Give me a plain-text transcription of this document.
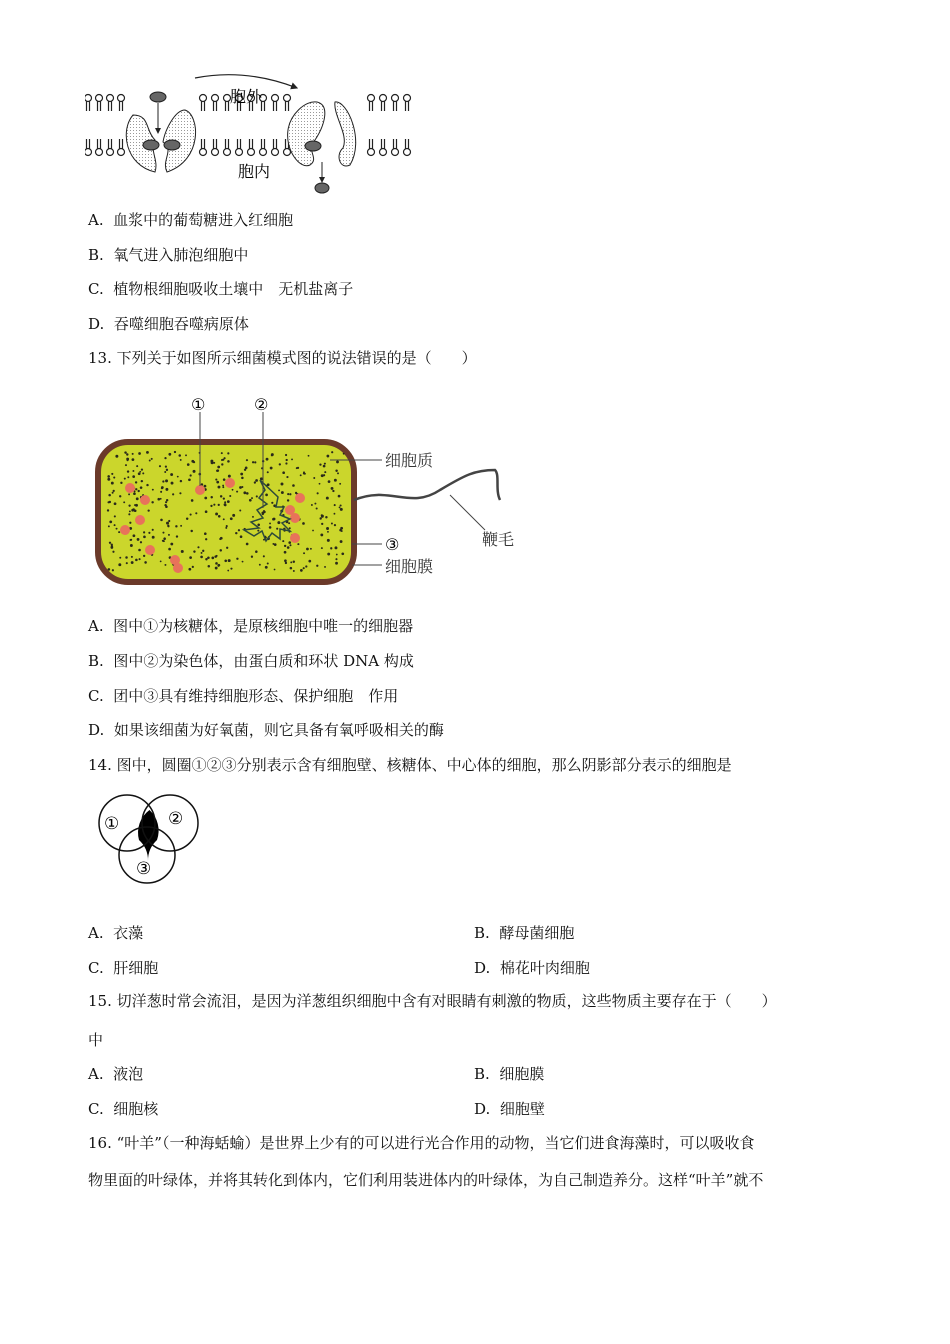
胞外
胞内
A. 血浆中的葡萄糖进入红细胞
B. 氧气进入肺泡细胞中
C. 植物根细胞吸收土壤中　无机盐离子
D. 吞噬细胞吞噬病原体
13. 下列关于如图所示细菌模式图的说法错误的是（　　）
①	②
细胞质
鞭毛
③
细胞膜
A. 图中①为核糖体，是原核细胞中唯一的细胞器
B. 图中②为染色体，由蛋白质和环状 DNA 构成
C. 团中③具有维持细胞形态、保护细胞　作用
D. 如果该细菌为好氧菌，则它具备有氧呼吸相关的酶
14. 图中，圆圈①②③分别表示含有细胞壁、核糖体、中心体的细胞，那么阴影部分表示的细胞是
①	②
③
A. 衣藻	B. 酵母菌细胞
C. 肝细胞	D. 棉花叶肉细胞
15. 切洋葱时常会流泪，是因为洋葱组织细胞中含有对眼睛有刺激的物质，这些物质主要存在于（　　）
中
A. 液泡	B. 细胞膜
C. 细胞核	D. 细胞壁
16. “叶羊”（一种海蛞蝓）是世界上少有的可以进行光合作用的动物，当它们进食海藻时，可以吸收食
物里面的叶绿体，并将其转化到体内，它们利用装进体内的叶绿体，为自己制造养分。这样“叶羊”就不
